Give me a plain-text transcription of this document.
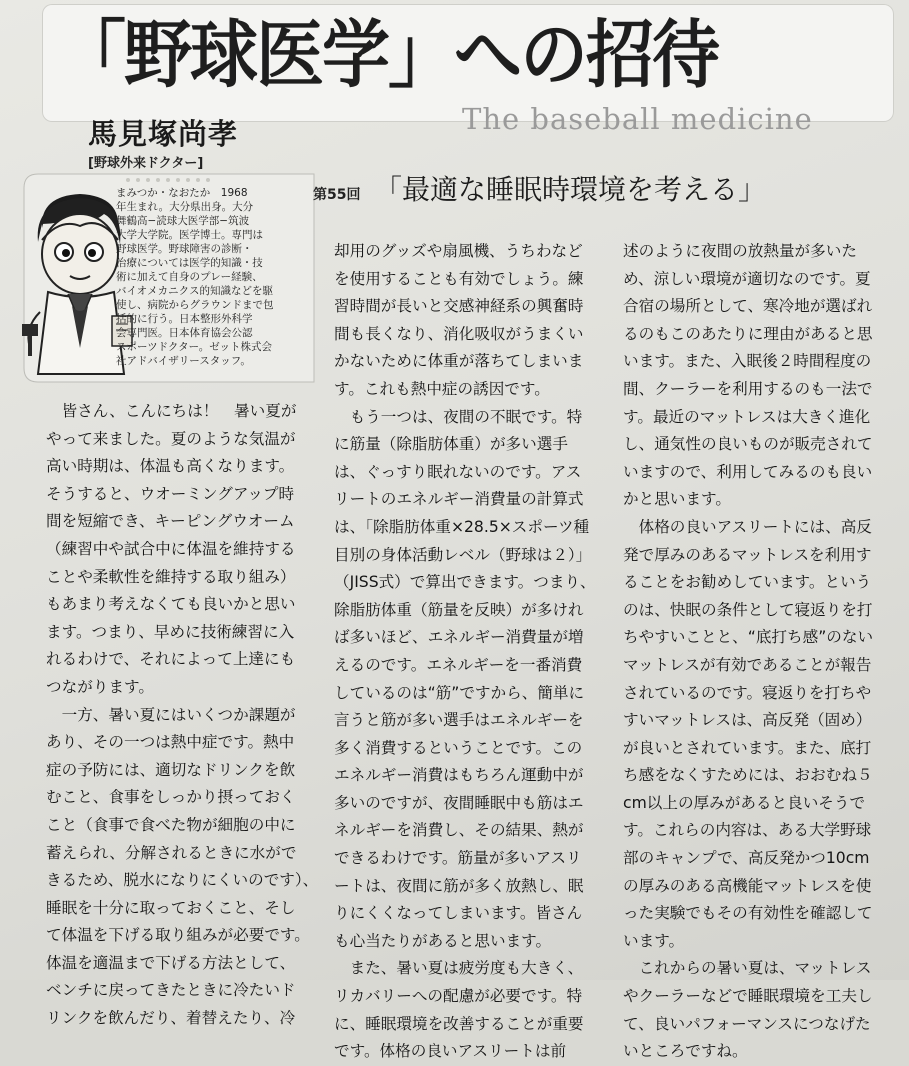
「野球医学」への招待
The baseball medicine
馬見塚尚孝
[野球外来ドクター]
まみつか・なおたか　1968
年生まれ。大分県出身。大分
舞鶴高−読球大医学部−筑波
大学大学院。医学博士。専門は
野球医学。野球障害の診断・
治療については医学的知識・技
術に加えて自身のプレー経験、
バイオメカニクス的知識などを駆
使し、病院からグラウンドまで包
括的に行う。日本整形外科学
会専門医。日本体育協会公認
スポーツドクター。ゼット株式会
社アドバイザリースタッフ。
第55回 「最適な睡眠時環境を考える」
　皆さん、こんにちは！　暑い夏が
やって来ました。夏のような気温が
高い時期は、体温も高くなります。
そうすると、ウオーミングアップ時
間を短縮でき、キーピングウオーム
（練習中や試合中に体温を維持する
ことや柔軟性を維持する取り組み）
もあまり考えなくても良いかと思い
ます。つまり、早めに技術練習に入
れるわけで、それによって上達にも
つながります。
　一方、暑い夏にはいくつか課題が
あり、その一つは熱中症です。熱中
症の予防には、適切なドリンクを飲
むこと、食事をしっかり摂っておく
こと（食事で食べた物が細胞の中に
蓄えられ、分解されるときに水がで
きるため、脱水になりにくいのです）、
睡眠を十分に取っておくこと、そし
て体温を下げる取り組みが必要です。
体温を適温まで下げる方法として、
ベンチに戻ってきたときに冷たいド
リンクを飲んだり、着替えたり、冷
却用のグッズや扇風機、うちわなど
を使用することも有効でしょう。練
習時間が長いと交感神経系の興奮時
間も長くなり、消化吸収がうまくい
かないために体重が落ちてしまいま
す。これも熱中症の誘因です。
　もう一つは、夜間の不眠です。特
に筋量（除脂肪体重）が多い選手
は、ぐっすり眠れないのです。アス
リートのエネルギー消費量の計算式
は、「除脂肪体重×28.5×スポーツ種
目別の身体活動レベル（野球は２）」
（JISS式）で算出できます。つまり、
除脂肪体重（筋量を反映）が多けれ
ば多いほど、エネルギー消費量が増
えるのです。エネルギーを一番消費
しているのは“筋”ですから、簡単に
言うと筋が多い選手はエネルギーを
多く消費するということです。この
エネルギー消費はもちろん運動中が
多いのですが、夜間睡眠中も筋はエ
ネルギーを消費し、その結果、熱が
できるわけです。筋量が多いアスリ
ートは、夜間に筋が多く放熱し、眠
りにくくなってしまいます。皆さん
も心当たりがあると思います。
　また、暑い夏は疲労度も大きく、
リカバリーへの配慮が必要です。特
に、睡眠環境を改善することが重要
です。体格の良いアスリートは前
述のように夜間の放熱量が多いた
め、涼しい環境が適切なのです。夏
合宿の場所として、寒冷地が選ばれ
るのもこのあたりに理由があると思
います。また、入眠後２時間程度の
間、クーラーを利用するのも一法で
す。最近のマットレスは大きく進化
し、通気性の良いものが販売されて
いますので、利用してみるのも良い
かと思います。
　体格の良いアスリートには、高反
発で厚みのあるマットレスを利用す
ることをお勧めしています。という
のは、快眠の条件として寝返りを打
ちやすいことと、“底打ち感”のない
マットレスが有効であることが報告
されているのです。寝返りを打ちや
すいマットレスは、高反発（固め）
が良いとされています。また、底打
ち感をなくすためには、おおむね５
cm以上の厚みがあると良いそうで
す。これらの内容は、ある大学野球
部のキャンプで、高反発かつ10cm
の厚みのある高機能マットレスを使
った実験でもその有効性を確認して
います。
　これからの暑い夏は、マットレス
やクーラーなどで睡眠環境を工夫し
て、良いパフォーマンスにつなげた
いところですね。
